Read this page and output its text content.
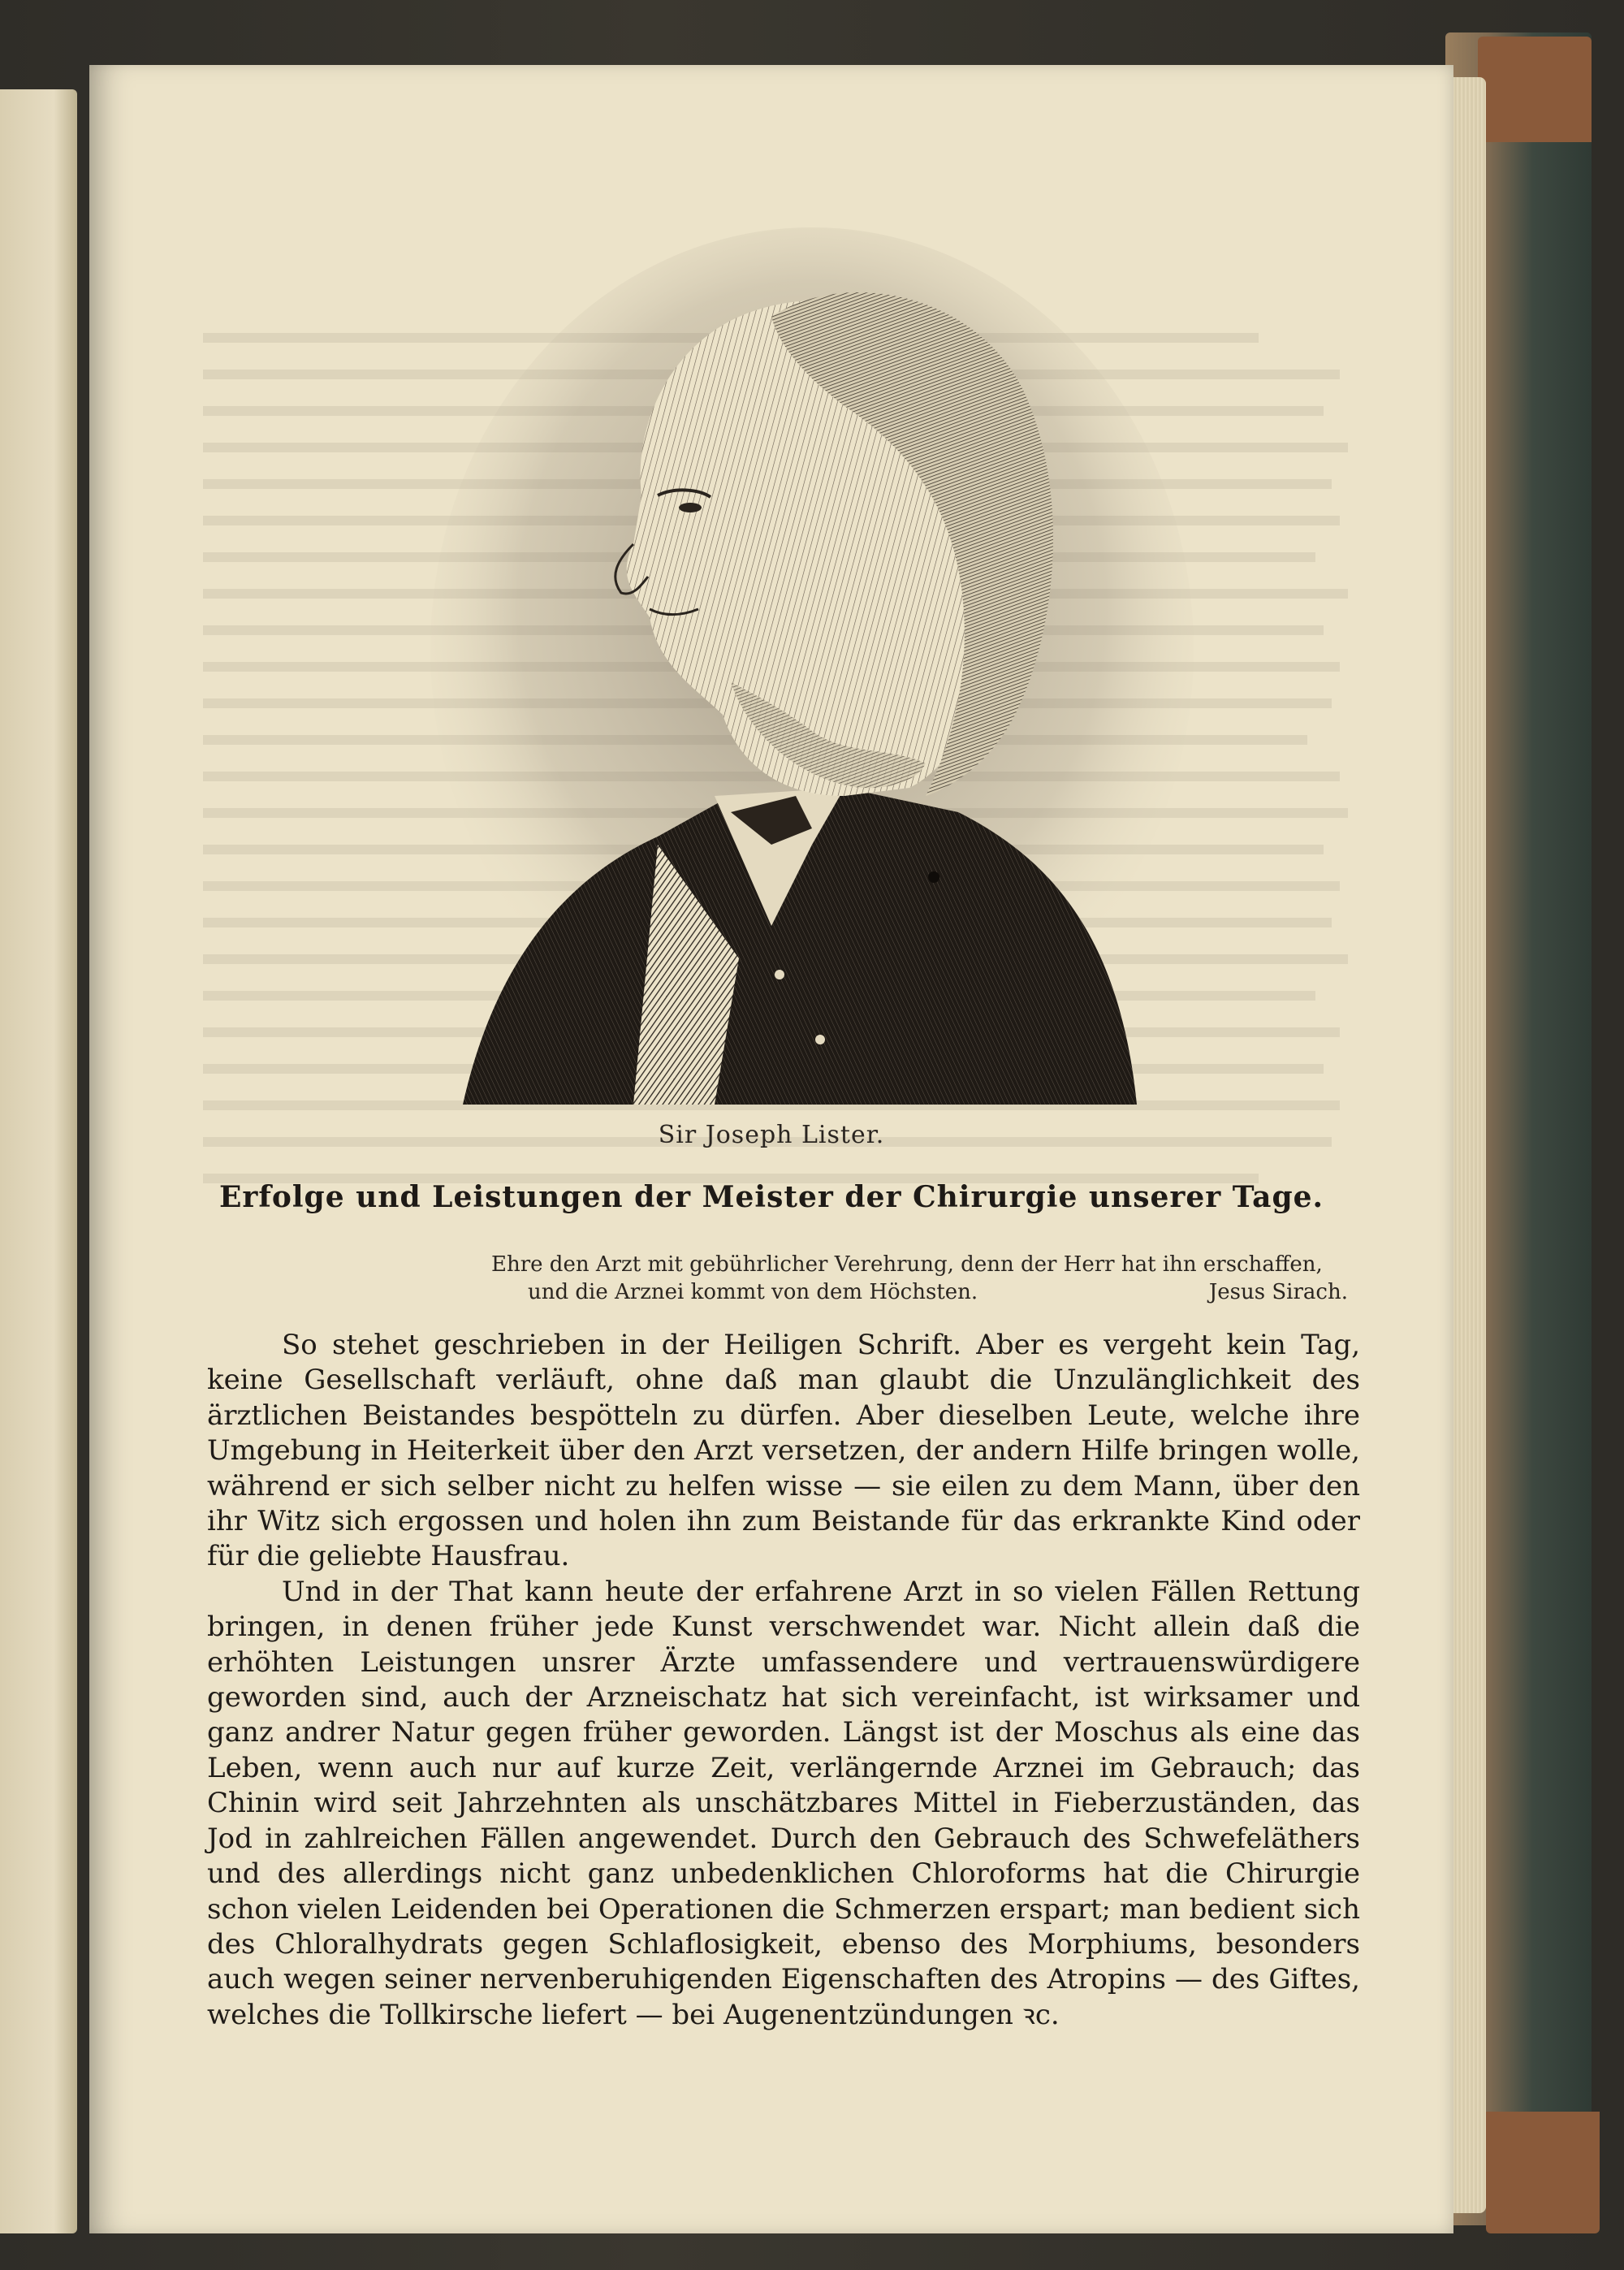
Sir Joseph Lister.
Erfolge und Leistungen der Meister der Chirurgie unserer Tage.
Ehre den Arzt mit gebührlicher Verehrung, denn der Herr hat ihn erschaffen,
und die Arznei kommt von dem Höchsten.	Jesus Sirach.

So stehet geschrieben in der Heiligen Schrift. Aber es vergeht kein Tag, keine Gesellschaft verläuft, ohne daß man glaubt die Unzulänglichkeit des ärztlichen Beistandes bespötteln zu dürfen. Aber dieselben Leute, welche ihre Umgebung in Heiterkeit über den Arzt versetzen, der andern Hilfe bringen wolle, während er sich selber nicht zu helfen wisse — sie eilen zu dem Mann, über den ihr Witz sich ergossen und holen ihn zum Beistande für das erkrankte Kind oder für die geliebte Hausfrau.

Und in der That kann heute der erfahrene Arzt in so vielen Fällen Rettung bringen, in denen früher jede Kunst verschwendet war. Nicht allein daß die erhöhten Leistungen unsrer Ärzte umfassendere und vertrauenswürdigere geworden sind, auch der Arzneischatz hat sich vereinfacht, ist wirksamer und ganz andrer Natur gegen früher geworden. Längst ist der Moschus als eine das Leben, wenn auch nur auf kurze Zeit, verlängernde Arznei im Gebrauch; das Chinin wird seit Jahrzehnten als unschätzbares Mittel in Fieberzuständen, das Jod in zahlreichen Fällen angewendet. Durch den Gebrauch des Schwefeläthers und des allerdings nicht ganz unbedenklichen Chloroforms hat die Chirurgie schon vielen Leidenden bei Operationen die Schmerzen erspart; man bedient sich des Chloralhydrats gegen Schlaflosigkeit, ebenso des Morphiums, besonders auch wegen seiner nervenberuhigenden Eigenschaften des Atropins — des Giftes, welches die Tollkirsche liefert — bei Augenentzündungen ꝛc.
